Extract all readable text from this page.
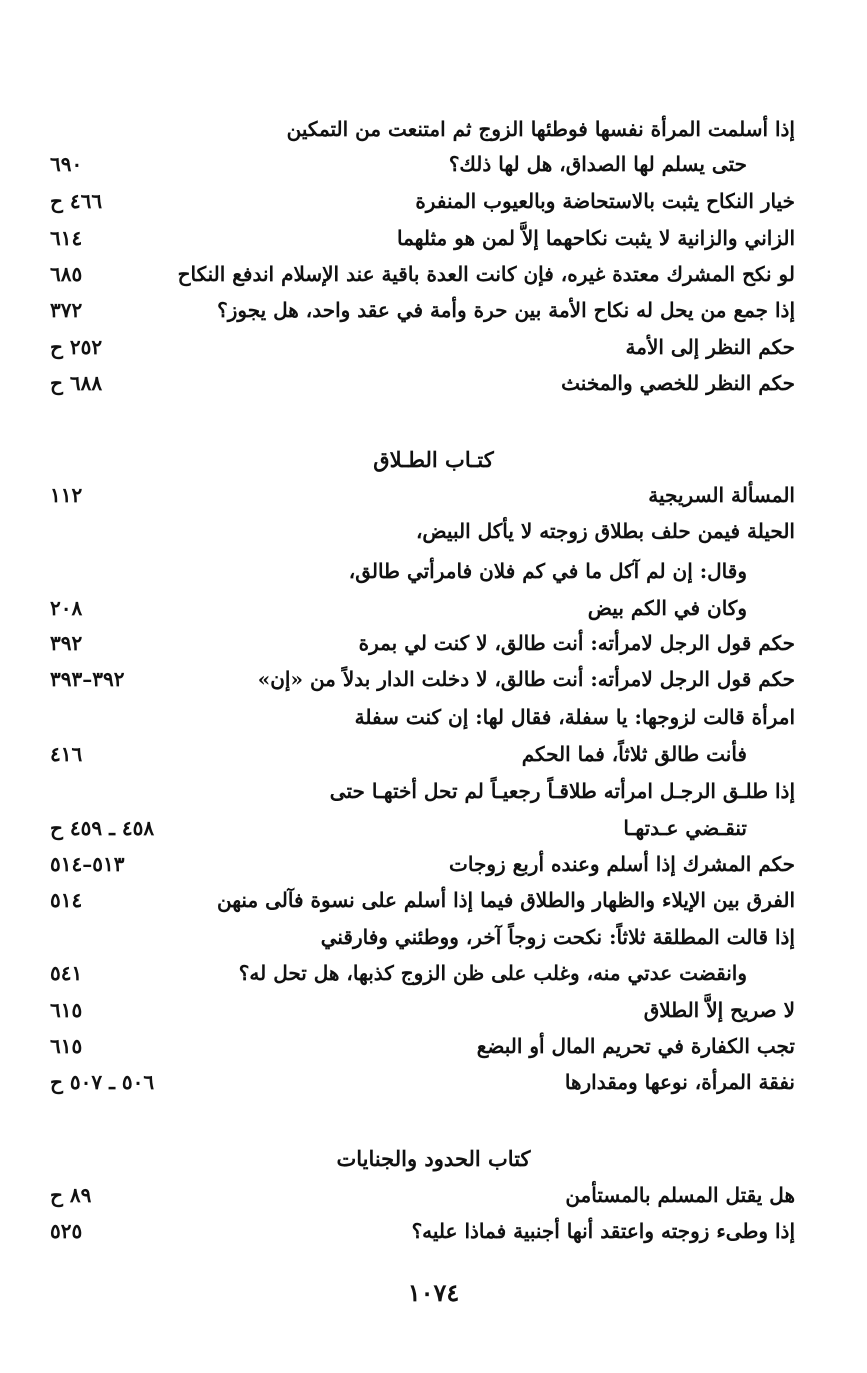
إذا أسلمت المرأة نفسها فوطئها الزوج ثم امتنعت من التمكين
حتى يسلم لها الصداق، هل لها ذلك؟
٦٩٠
خيار النكاح يثبت بالاستحاضة وبالعيوب المنفرة
٤٦٦ ح
الزاني والزانية لا يثبت نكاحهما إلاَّ لمن هو مثلهما
٦١٤
لو نكح المشرك معتدة غيره، فإن كانت العدة باقية عند الإسلام اندفع النكاح
٦٨٥
إذا جمع من يحل له نكاح الأمة بين حرة وأمة في عقد واحد، هل يجوز؟
٣٧٢
حكم النظر إلى الأمة
٢٥٢ ح
حكم النظر للخصي والمخنث
٦٨٨ ح
كتـاب الطـلاق
المسألة السريجية
١١٢
الحيلة فيمن حلف بطلاق زوجته لا يأكل البيض،
وقال: إن لم آكل ما في كم فلان فامرأتي طالق،
وكان في الكم بيض
٢٠٨
حكم قول الرجل لامرأته: أنت طالق، لا كنت لي بمرة
٣٩٢
حكم قول الرجل لامرأته: أنت طالق، لا دخلت الدار بدلاً من «إن»
٣٩٢–٣٩٣
امرأة قالت لزوجها: يا سفلة، فقال لها: إن كنت سفلة
فأنت طالق ثلاثاً، فما الحكم
٤١٦
إذا طلـق الرجـل امرأته طلاقـاً رجعيـاً لم تحل أختهـا حتى
تنقـضي عـدتهـا
٤٥٨ ـ ٤٥٩ ح
حكم المشرك إذا أسلم وعنده أربع زوجات
٥١٣–٥١٤
الفرق بين الإيلاء والظهار والطلاق فيما إذا أسلم على نسوة فآلى منهن
٥١٤
إذا قالت المطلقة ثلاثاً: نكحت زوجاً آخر، ووطئني وفارقني
وانقضت عدتي منه، وغلب على ظن الزوج كذبها، هل تحل له؟
٥٤١
لا صريح إلاَّ الطلاق
٦١٥
تجب الكفارة في تحريم المال أو البضع
٦١٥
نفقة المرأة، نوعها ومقدارها
٥٠٦ ـ ٥٠٧ ح
كتاب الحدود والجنايات
هل يقتل المسلم بالمستأمن
٨٩ ح
إذا وطىء زوجته واعتقد أنها أجنبية فماذا عليه؟
٥٢٥
١٠٧٤
